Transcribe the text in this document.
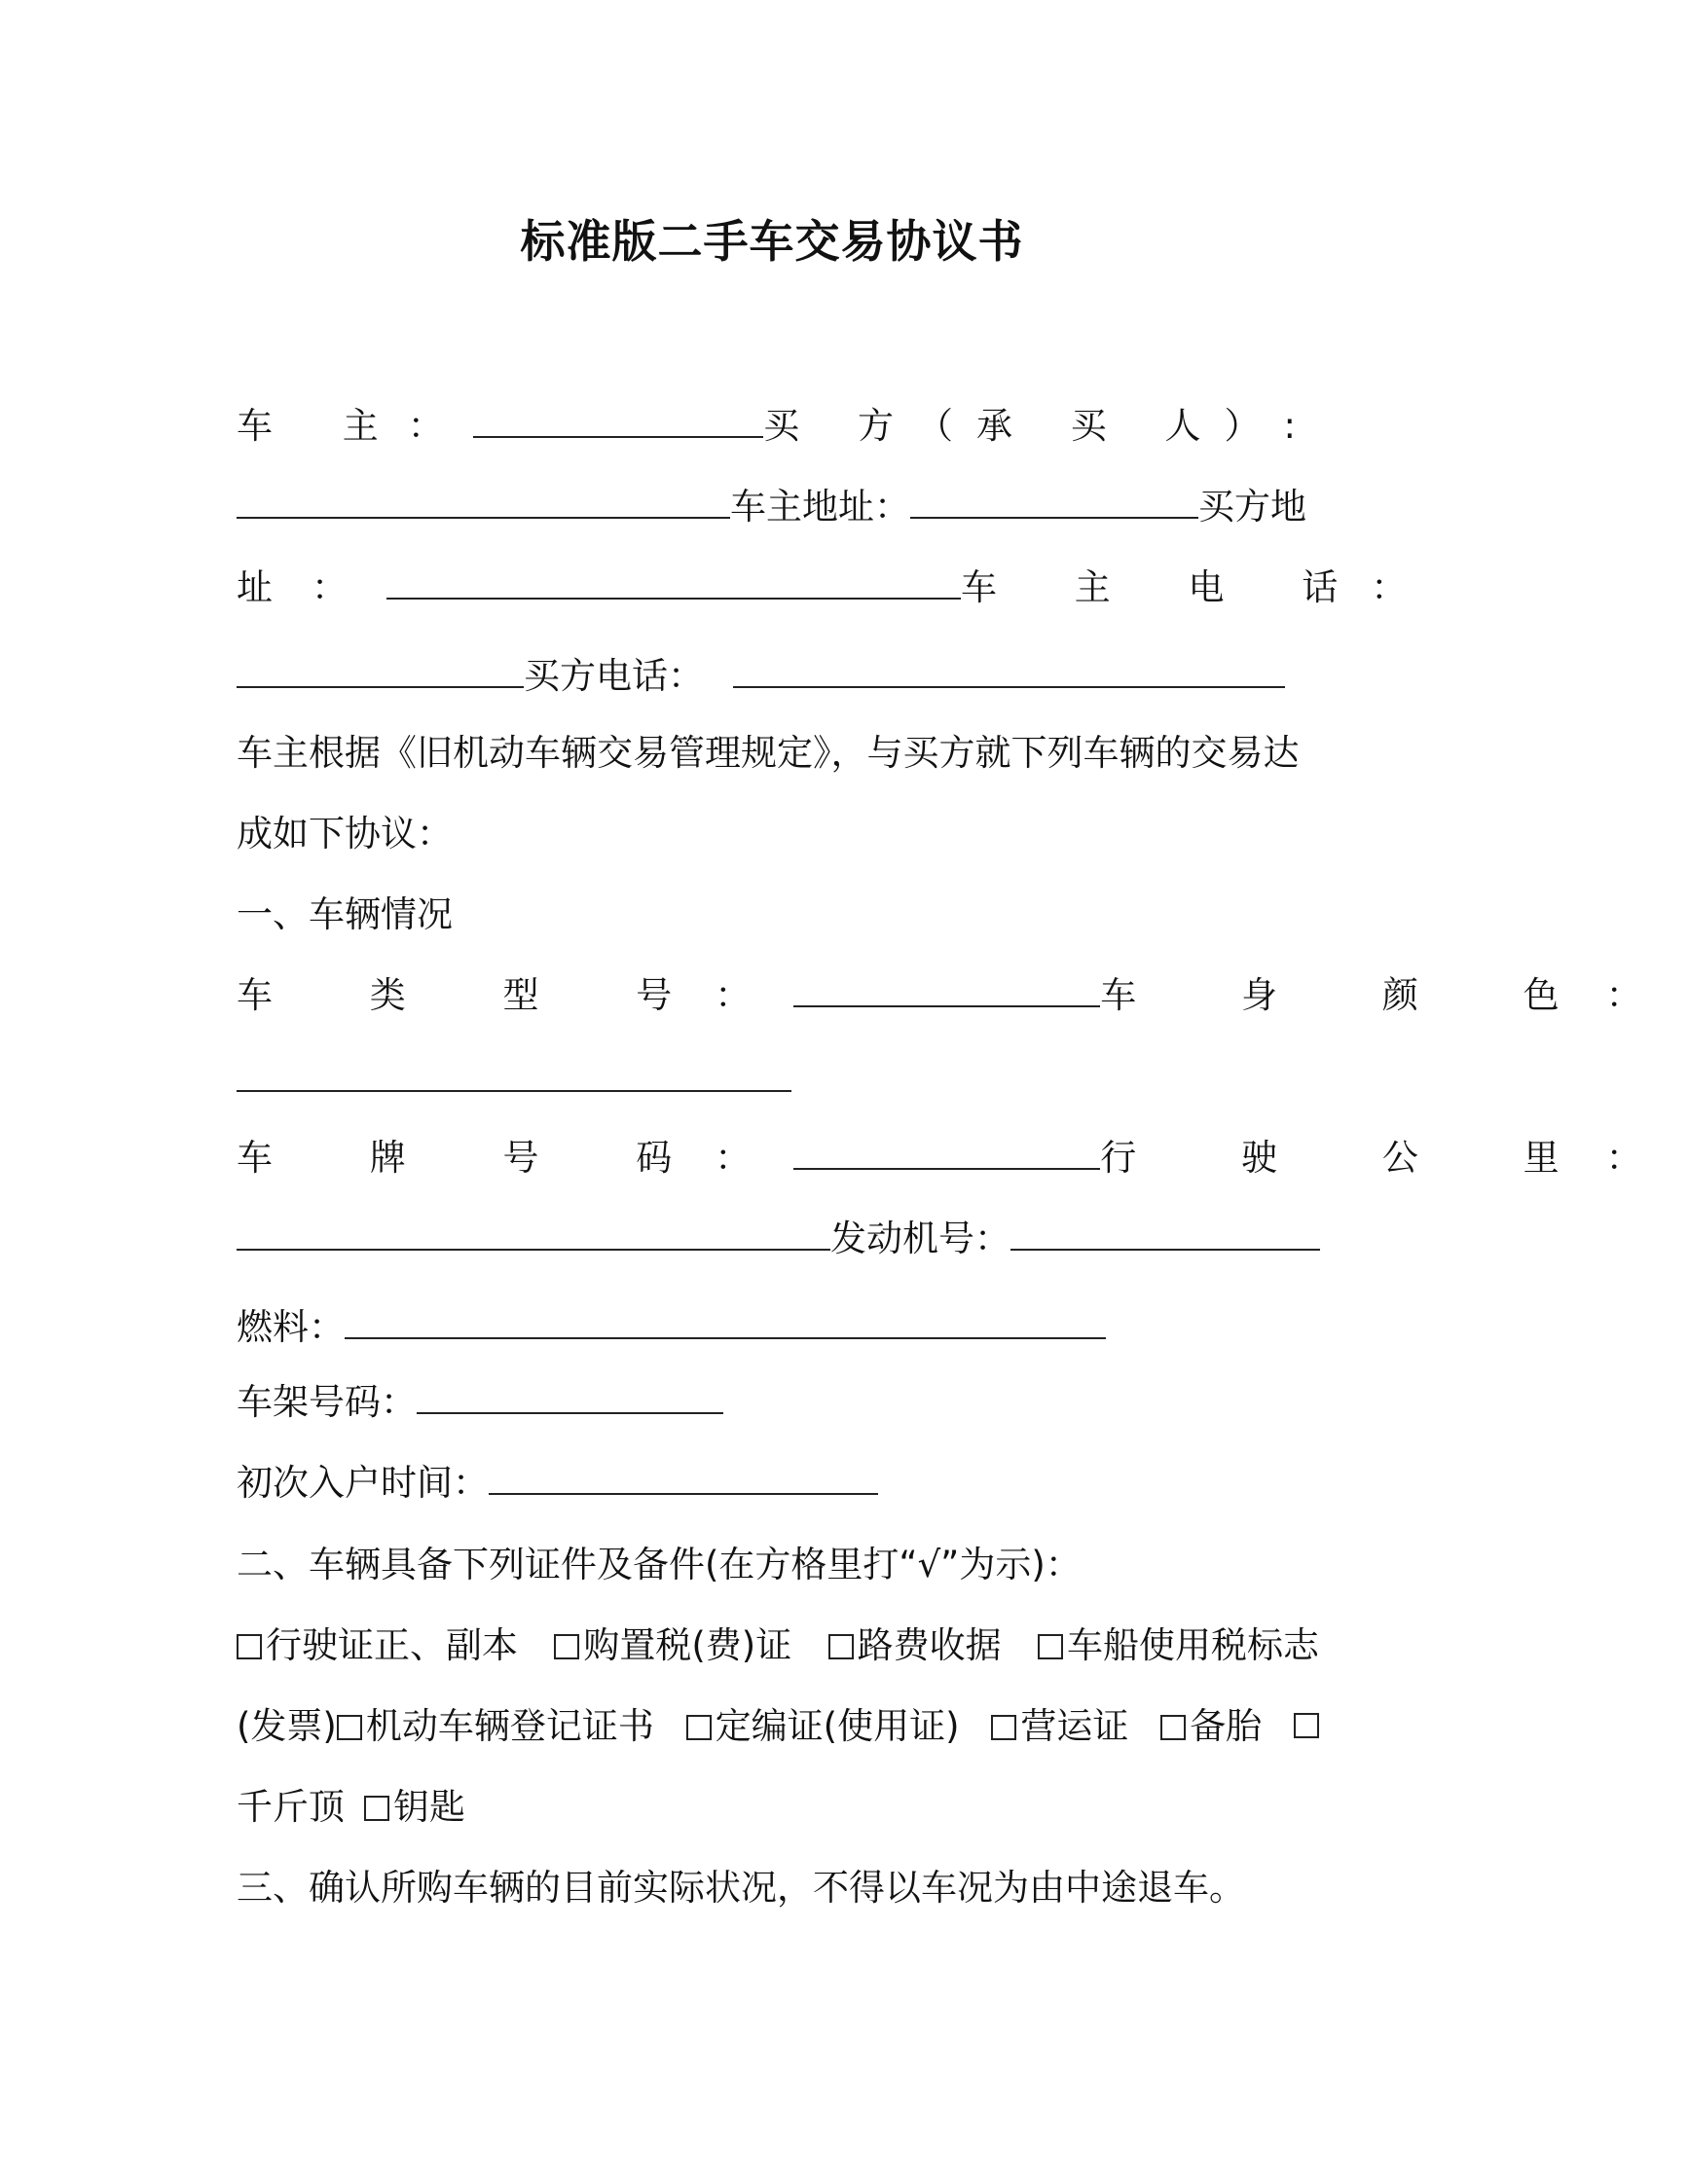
标准版二手车交易协议书
车 主：	买 方（承 买 人）:
车主地址：	买方地
址：	车 主 电 话：
买方电话：
车主根据《旧机动车辆交易管理规定》，与买方就下列车辆的交易达
成如下协议：
一、车辆情况
车 类 型 号：	车 身 颜 色：
车 牌 号 码：	行 驶 公 里：
发动机号：
燃料：
车架号码：
初次入户时间：
二、车辆具备下列证件及备件(在方格里打“√”为示)：
行驶证正、副本	购置税(费)证	路费收据	车船使用税标志
(发票) 机动车辆登记证书	定编证(使用证)	营运证	备胎
千斤顶 钥匙
三、确认所购车辆的目前实际状况，不得以车况为由中途退车。
